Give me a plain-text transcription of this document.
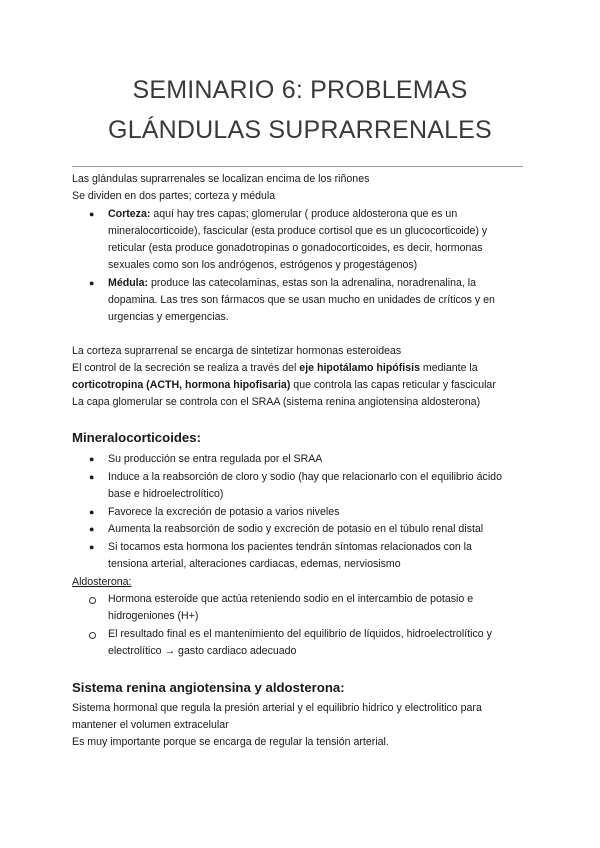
SEMINARIO 6: PROBLEMAS
GLÁNDULAS SUPRARRENALES
Las glándulas suprarrenales se localizan encima de los riñones
Se dividen en dos partes; corteza y médula
● Corteza: aquí hay tres capas; glomerular ( produce aldosterona que es un
mineralocorticoide), fascicular (esta produce cortisol que es un glucocorticoide) y
reticular (esta produce gonadotropinas o gonadocorticoides, es decir, hormonas
sexuales como son los andrógenos, estrógenos y progestágenos)
● Médula: produce las catecolaminas, estas son la adrenalina, noradrenalina, la
dopamina. Las tres son fármacos que se usan mucho en unidades de críticos y en
urgencias y emergencias.
La corteza suprarrenal se encarga de sintetizar hormonas esteroideas
El control de la secreción se realiza a través del eje hipotálamo hipófisis mediante la
corticotropina (ACTH, hormona hipofisaria) que controla las capas reticular y fascicular
La capa glomerular se controla con el SRAA (sistema renina angiotensina aldosterona)
Mineralocorticoides:
● Su producción se entra regulada por el SRAA
● Induce a la reabsorción de cloro y sodio (hay que relacionarlo con el equilibrio ácido
base e hidroelectrolítico)
● Favorece la excreción de potasio a varios niveles
● Aumenta la reabsorción de sodio y excreción de potasio en el túbulo renal distal
● Si tocamos esta hormona los pacientes tendrán síntomas relacionados con la
tensiona arterial, alteraciones cardiacas, edemas, nerviosismo
Aldosterona:
Hormona esteroide que actúa reteniendo sodio en el intercambio de potasio e
hidrogeniones (H+)
El resultado final es el mantenimiento del equilibrio de líquidos, hidroelectrolítico y
electrolítico → gasto cardiaco adecuado
Sistema renina angiotensina y aldosterona:
Sistema hormonal que regula la presión arterial y el equilibrio hidrico y electrolitico para
mantener el volumen extracelular
Es muy importante porque se encarga de regular la tensión arterial.
